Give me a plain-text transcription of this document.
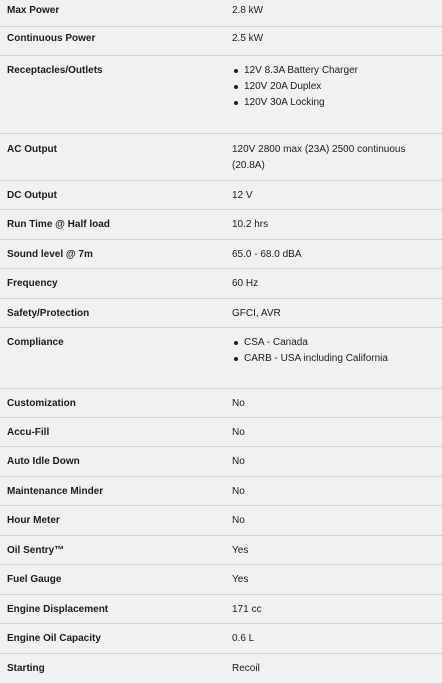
Max Power	2.8 kW
Continuous Power	2.5 kW
Receptacles/Outlets	12V 8.3A Battery Charger
120V 20A Duplex
120V 30A Locking
AC Output	120V 2800 max (23A) 2500 continuous (20.8A)
DC Output	12 V
Run Time @ Half load	10.2 hrs
Sound level @ 7m	65.0 - 68.0 dBA
Frequency	60 Hz
Safety/Protection	GFCI, AVR
Compliance	CSA - Canada
CARB - USA including California
Customization	No
Accu-Fill	No
Auto Idle Down	No
Maintenance Minder	No
Hour Meter	No
Oil Sentry™	Yes
Fuel Gauge	Yes
Engine Displacement	171 cc
Engine Oil Capacity	0.6 L
Starting	Recoil
